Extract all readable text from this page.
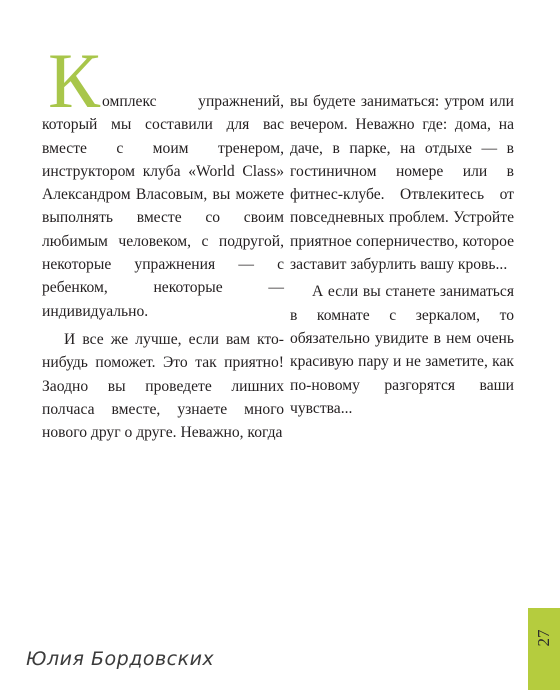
Комплекс упражнений, который мы составили для вас вместе с моим тренером, инструктором клуба «World Class» Александром Власовым, вы можете выполнять вместе со своим любимым человеком, с подругой, некоторые упражнения — с ребенком, некоторые — индивидуально.

И все же лучше, если вам кто-нибудь поможет. Это так приятно! Заодно вы проведете лишних полчаса вместе, узнаете много нового друг о друге. Неважно, когда

вы будете заниматься: утром или вечером. Неважно где: дома, на даче, в парке, на отдыхе — в гостиничном номере или в фитнес-клубе. Отвлекитесь от повседневных проблем. Устройте приятное соперничество, которое заставит забурлить вашу кровь...

А если вы станете заниматься в комнате с зеркалом, то обязательно увидите в нем очень красивую пару и не заметите, как по-новому разгорятся ваши чувства...

Юлия Бордовских
27
